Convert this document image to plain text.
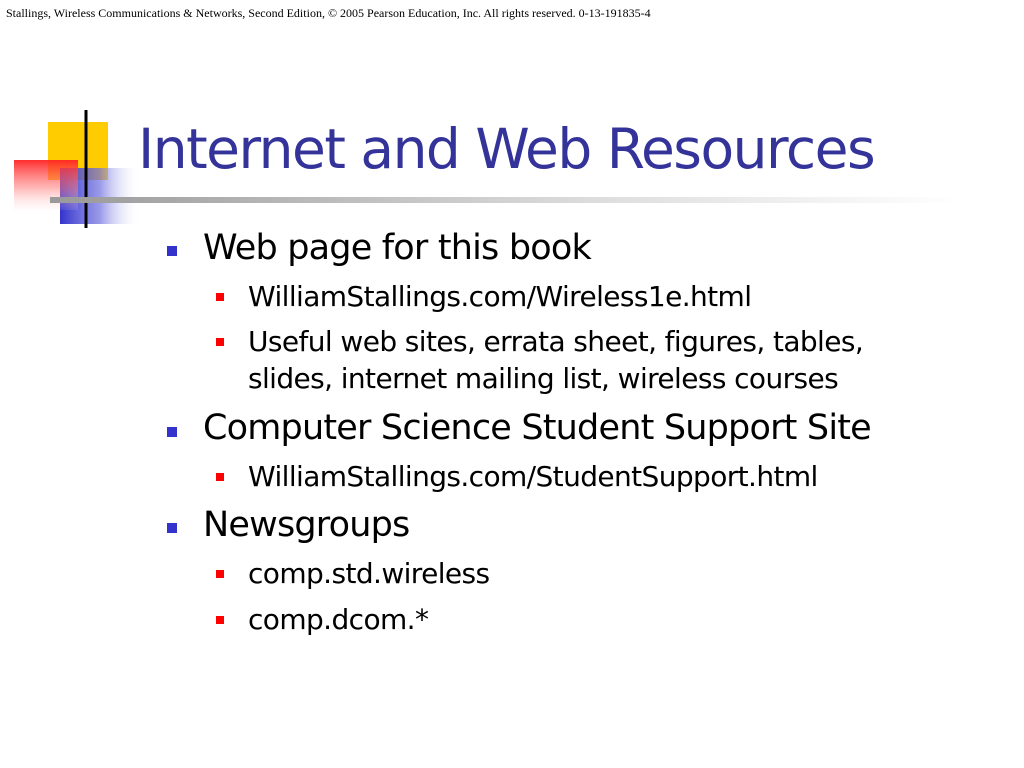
Stallings, Wireless Communications & Networks, Second Edition, © 2005 Pearson Education, Inc. All rights reserved. 0-13-191835-4
Internet and Web Resources
Web page for this book
WilliamStallings.com/Wireless1e.html
Useful web sites, errata sheet, figures, tables,
slides, internet mailing list, wireless courses
Computer Science Student Support Site
WilliamStallings.com/StudentSupport.html
Newsgroups
comp.std.wireless
comp.dcom.*
